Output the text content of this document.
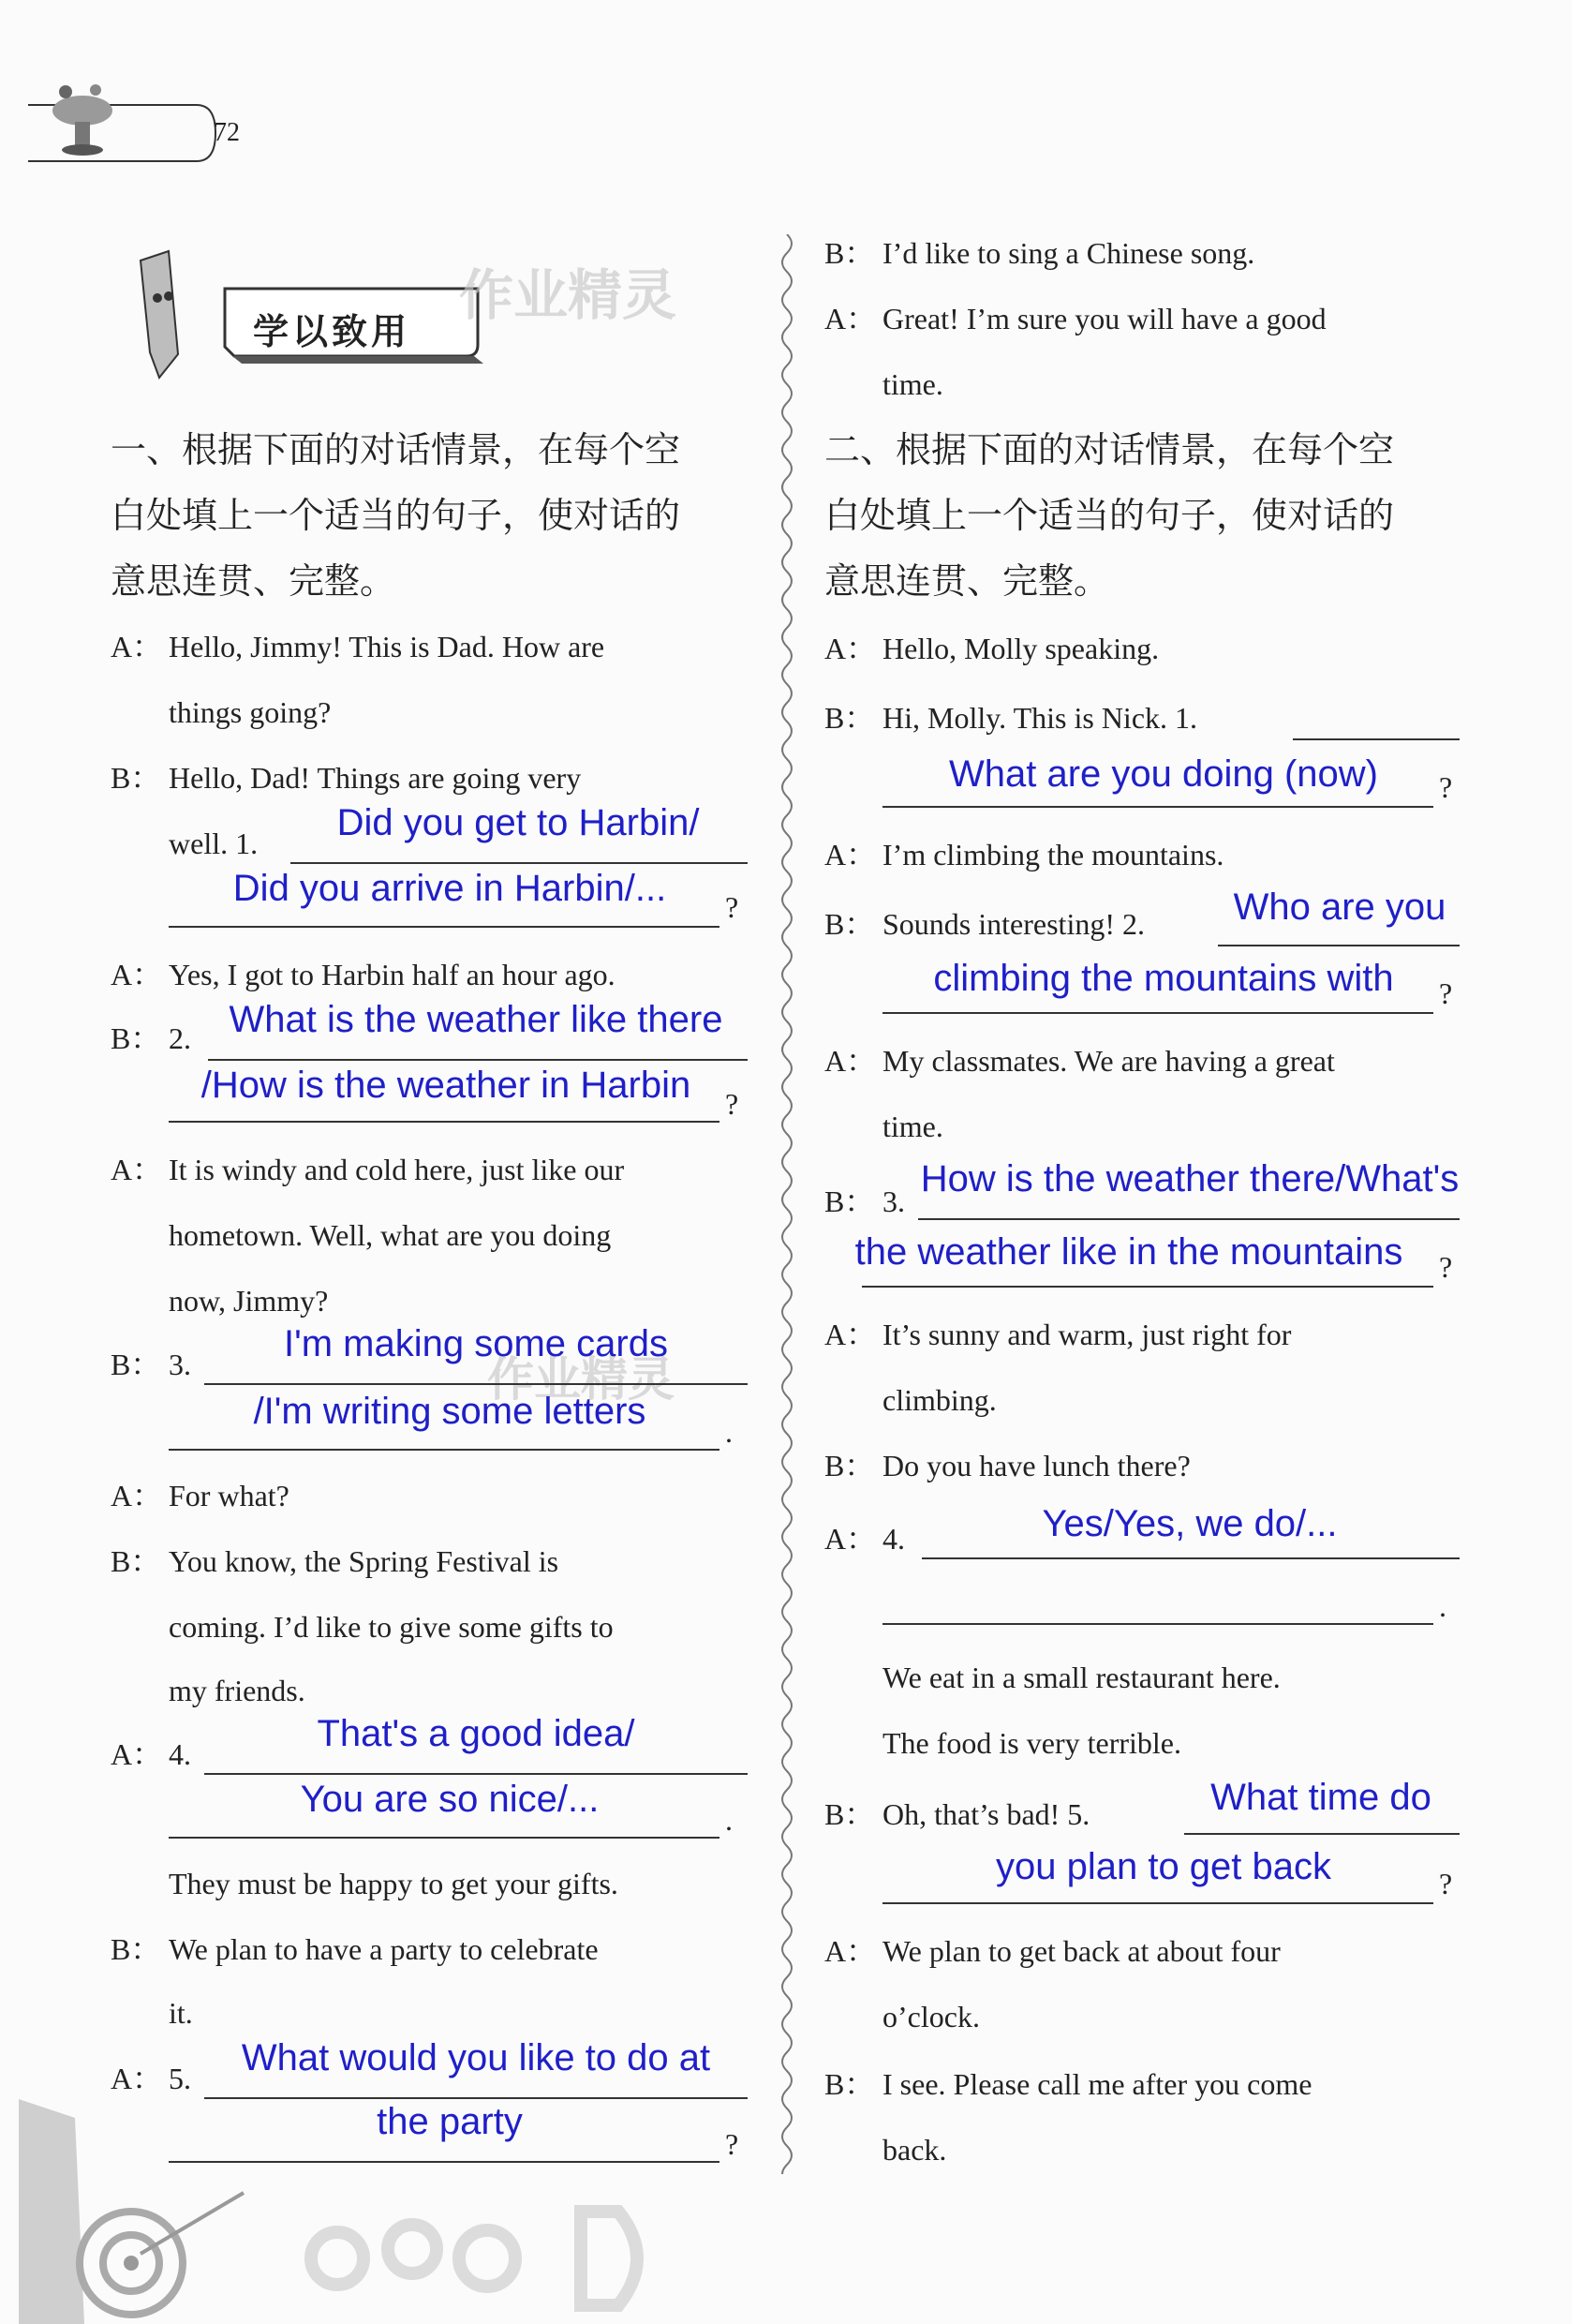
72
学以致用
作业精灵
作业精灵
一、根据下面的对话情景，在每个空
白处填上一个适当的句子，使对话的
意思连贯、完整。
A： Hello, Jimmy! This is Dad. How are
things going?
B： Hello, Dad! Things are going very
well. 1.	Did you get to Harbin/
Did you arrive in Harbin/...	?
A： Yes, I got to Harbin half an hour ago.
B： 2.	What is the weather like there
/How is the weather in Harbin	?
A： It is windy and cold here, just like our
hometown. Well, what are you doing
now, Jimmy?
B： 3.	I'm making some cards
/I'm writing some letters	.
A： For what?
B： You know, the Spring Festival is
coming. I’d like to give some gifts to
my friends.
A： 4.	That's a good idea/
You are so nice/...	.
They must be happy to get your gifts.
B： We plan to have a party to celebrate
it.
A： 5.	What would you like to do at
the party
?
B： I’d like to sing a Chinese song.
A： Great! I’m sure you will have a good
time.
二、根据下面的对话情景，在每个空
白处填上一个适当的句子，使对话的
意思连贯、完整。
A： Hello, Molly speaking.
B： Hi, Molly. This is Nick. 1.
What are you doing (now)	?
A： I’m climbing the mountains.
B： Sounds interesting! 2.	Who are you
climbing the mountains with	?
A： My classmates. We are having a great
time.
B： 3.
How is the weather there/What's
the weather like in the mountains	?
A： It’s sunny and warm, just right for
climbing.
B： Do you have lunch there?
A： 4.	Yes/Yes, we do/...
.
We eat in a small restaurant here.
The food is very terrible.
B： Oh, that’s bad! 5.	What time do
you plan to get back	?
A： We plan to get back at about four
o’clock.
B： I see. Please call me after you come
back.
